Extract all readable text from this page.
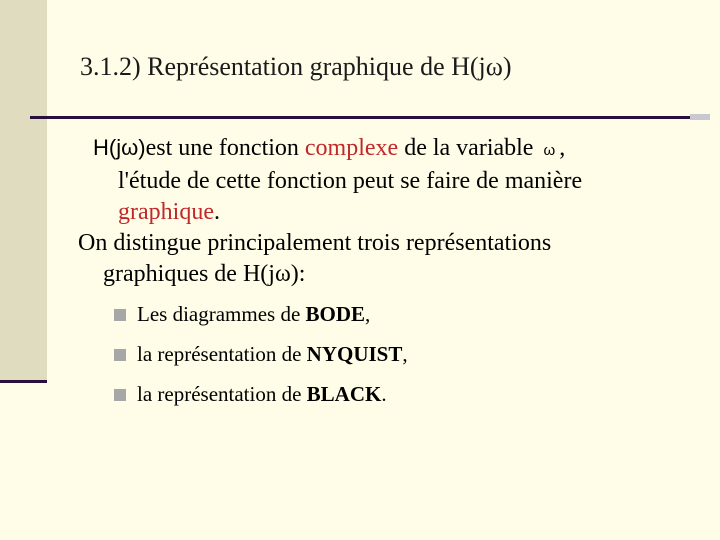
3.1.2) Représentation graphique de H(jω)

H(jω)est une fonction complexe de la variable ω ,
l'étude de cette fonction peut se faire de manière
graphique.

On distingue principalement trois représentations
graphiques de H(jω):

Les diagrammes de BODE,
la représentation de NYQUIST,
la représentation de BLACK.
